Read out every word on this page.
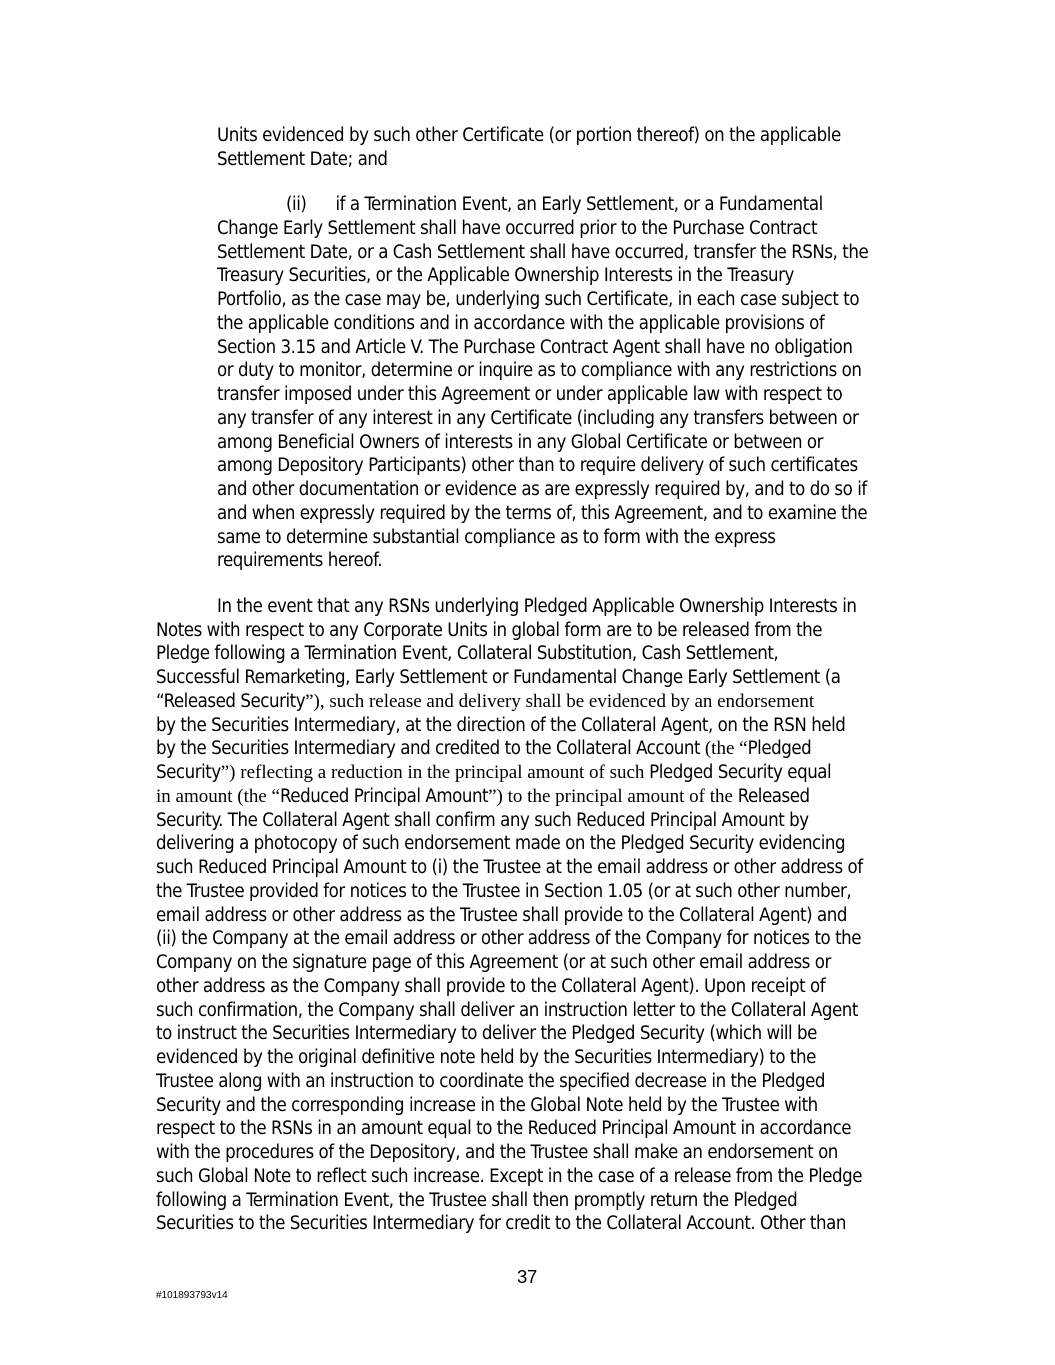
Units evidenced by such other Certificate (or portion thereof) on the applicable
Settlement Date; and
(ii)      if a Termination Event, an Early Settlement, or a Fundamental
Change Early Settlement shall have occurred prior to the Purchase Contract
Settlement Date, or a Cash Settlement shall have occurred, transfer the RSNs, the
Treasury Securities, or the Applicable Ownership Interests in the Treasury
Portfolio, as the case may be, underlying such Certificate, in each case subject to
the applicable conditions and in accordance with the applicable provisions of
Section 3.15 and Article V. The Purchase Contract Agent shall have no obligation
or duty to monitor, determine or inquire as to compliance with any restrictions on
transfer imposed under this Agreement or under applicable law with respect to
any transfer of any interest in any Certificate (including any transfers between or
among Beneficial Owners of interests in any Global Certificate or between or
among Depository Participants) other than to require delivery of such certificates
and other documentation or evidence as are expressly required by, and to do so if
and when expressly required by the terms of, this Agreement, and to examine the
same to determine substantial compliance as to form with the express
requirements hereof.
In the event that any RSNs underlying Pledged Applicable Ownership Interests in
Notes with respect to any Corporate Units in global form are to be released from the
Pledge following a Termination Event, Collateral Substitution, Cash Settlement,
Successful Remarketing, Early Settlement or Fundamental Change Early Settlement (a
“Released Security”), such release and delivery shall be evidenced by an endorsement
by the Securities Intermediary, at the direction of the Collateral Agent, on the RSN held
by the Securities Intermediary and credited to the Collateral Account (the “Pledged
Security”) reflecting a reduction in the principal amount of such Pledged Security equal
in amount (the “Reduced Principal Amount”) to the principal amount of the Released
Security. The Collateral Agent shall confirm any such Reduced Principal Amount by
delivering a photocopy of such endorsement made on the Pledged Security evidencing
such Reduced Principal Amount to (i) the Trustee at the email address or other address of
the Trustee provided for notices to the Trustee in Section 1.05 (or at such other number,
email address or other address as the Trustee shall provide to the Collateral Agent) and
(ii) the Company at the email address or other address of the Company for notices to the
Company on the signature page of this Agreement (or at such other email address or
other address as the Company shall provide to the Collateral Agent). Upon receipt of
such confirmation, the Company shall deliver an instruction letter to the Collateral Agent
to instruct the Securities Intermediary to deliver the Pledged Security (which will be
evidenced by the original definitive note held by the Securities Intermediary) to the
Trustee along with an instruction to coordinate the specified decrease in the Pledged
Security and the corresponding increase in the Global Note held by the Trustee with
respect to the RSNs in an amount equal to the Reduced Principal Amount in accordance
with the procedures of the Depository, and the Trustee shall make an endorsement on
such Global Note to reflect such increase. Except in the case of a release from the Pledge
following a Termination Event, the Trustee shall then promptly return the Pledged
Securities to the Securities Intermediary for credit to the Collateral Account. Other than
37
#101893793v14
